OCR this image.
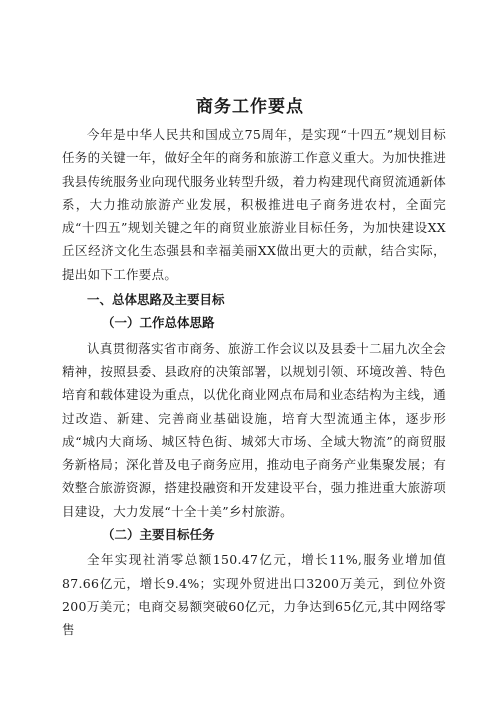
商务工作要点

今年是中华人民共和国成立75周年，是实现“十四五”规划目标任务的关键一年，做好全年的商务和旅游工作意义重大。为加快推进我县传统服务业向现代服务业转型升级，着力构建现代商贸流通新体系，大力推动旅游产业发展，积极推进电子商务进农村，全面完成“十四五”规划关键之年的商贸业旅游业目标任务，为加快建设XX丘区经济文化生态强县和幸福美丽XX做出更大的贡献，结合实际，提出如下工作要点。

一、总体思路及主要目标

（一）工作总体思路

认真贯彻落实省市商务、旅游工作会议以及县委十二届九次全会精神，按照县委、县政府的决策部署，以规划引领、环境改善、特色培育和载体建设为重点，以优化商业网点布局和业态结构为主线，通过改造、新建、完善商业基础设施，培育大型流通主体，逐步形成“城内大商场、城区特色街、城郊大市场、全域大物流”的商贸服务新格局；深化普及电子商务应用，推动电子商务产业集聚发展；有效整合旅游资源，搭建投融资和开发建设平台，强力推进重大旅游项目建设，大力发展“十全十美”乡村旅游。

（二）主要目标任务

全年实现社消零总额150.47亿元，增长11%,服务业增加值87.66亿元，增长9.4%；实现外贸进出口3200万美元，到位外资200万美元；电商交易额突破60亿元，力争达到65亿元,其中网络零售
